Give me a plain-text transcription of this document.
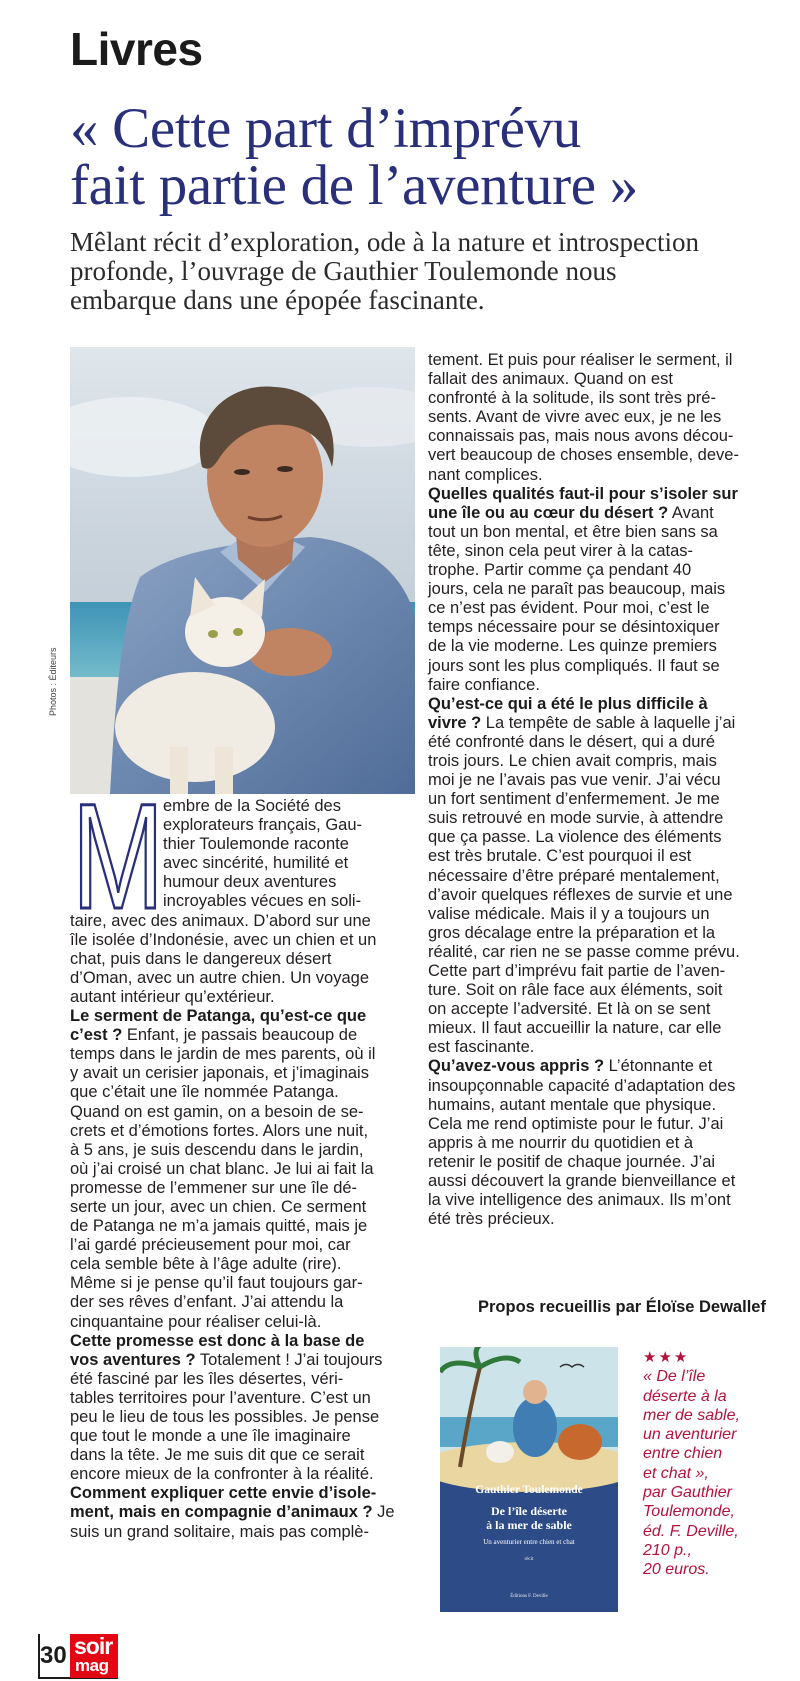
Livres
« Cette part d’imprévu
fait partie de l’aventure »

Mêlant récit d’exploration, ode à la nature et introspection
profonde, l’ouvrage de Gauthier Toulemonde nous
embarque dans une épopée fascinante.

Photos : Éditeurs
M embre de la Société des
explorateurs français, Gau-
thier Toulemonde raconte
avec sincérité, humilité et
humour deux aventures
incroyables vécues en soli-
taire, avec des animaux. D’abord sur une
île isolée d’Indonésie, avec un chien et un
chat, puis dans le dangereux désert
d’Oman, avec un autre chien. Un voyage
autant intérieur qu’extérieur.
Le serment de Patanga, qu’est-ce que
c’est ? Enfant, je passais beaucoup de
temps dans le jardin de mes parents, où il
y avait un cerisier japonais, et j’imaginais
que c’était une île nommée Patanga.
Quand on est gamin, on a besoin de se-
crets et d’émotions fortes. Alors une nuit,
à 5 ans, je suis descendu dans le jardin,
où j’ai croisé un chat blanc. Je lui ai fait la
promesse de l’emmener sur une île dé-
serte un jour, avec un chien. Ce serment
de Patanga ne m’a jamais quitté, mais je
l’ai gardé précieusement pour moi, car
cela semble bête à l’âge adulte (rire).
Même si je pense qu’il faut toujours gar-
der ses rêves d’enfant. J’ai attendu la
cinquantaine pour réaliser celui-là.
Cette promesse est donc à la base de
vos aventures ? Totalement ! J’ai toujours
été fasciné par les îles désertes, véri-
tables territoires pour l’aventure. C’est un
peu le lieu de tous les possibles. Je pense
que tout le monde a une île imaginaire
dans la tête. Je me suis dit que ce serait
encore mieux de la confronter à la réalité.
Comment expliquer cette envie d’isole-
ment, mais en compagnie d’animaux ? Je
suis un grand solitaire, mais pas complè-
tement. Et puis pour réaliser le serment, il
fallait des animaux. Quand on est
confronté à la solitude, ils sont très pré-
sents. Avant de vivre avec eux, je ne les
connaissais pas, mais nous avons décou-
vert beaucoup de choses ensemble, deve-
nant complices.
Quelles qualités faut-il pour s’isoler sur
une île ou au cœur du désert ? Avant
tout un bon mental, et être bien sans sa
tête, sinon cela peut virer à la catas-
trophe. Partir comme ça pendant 40
jours, cela ne paraît pas beaucoup, mais
ce n’est pas évident. Pour moi, c’est le
temps nécessaire pour se désintoxiquer
de la vie moderne. Les quinze premiers
jours sont les plus compliqués. Il faut se
faire confiance.
Qu’est-ce qui a été le plus difficile à
vivre ? La tempête de sable à laquelle j’ai
été confronté dans le désert, qui a duré
trois jours. Le chien avait compris, mais
moi je ne l’avais pas vue venir. J’ai vécu
un fort sentiment d’enfermement. Je me
suis retrouvé en mode survie, à attendre
que ça passe. La violence des éléments
est très brutale. C’est pourquoi il est
nécessaire d’être préparé mentalement,
d’avoir quelques réflexes de survie et une
valise médicale. Mais il y a toujours un
gros décalage entre la préparation et la
réalité, car rien ne se passe comme prévu.
Cette part d’imprévu fait partie de l’aven-
ture. Soit on râle face aux éléments, soit
on accepte l’adversité. Et là on se sent
mieux. Il faut accueillir la nature, car elle
est fascinante.
Qu’avez-vous appris ? L’étonnante et
insoupçonnable capacité d’adaptation des
humains, autant mentale que physique.
Cela me rend optimiste pour le futur. J’ai
appris à me nourrir du quotidien et à
retenir le positif de chaque journée. J’ai
aussi découvert la grande bienveillance et
la vive intelligence des animaux. Ils m’ont
été très précieux.
Propos recueillis par Éloïse Dewallef
Gauthier Toulemonde
De l’île déserte
à la mer de sable
Un aventurier entre chien et chat
récit
Éditions F. Deville
★★★
« De l’île
déserte à la
mer de sable,
un aventurier
entre chien
et chat »,
par Gauthier
Toulemonde,
éd. F. Deville,
210 p.,
20 euros.
30 soir
mag
